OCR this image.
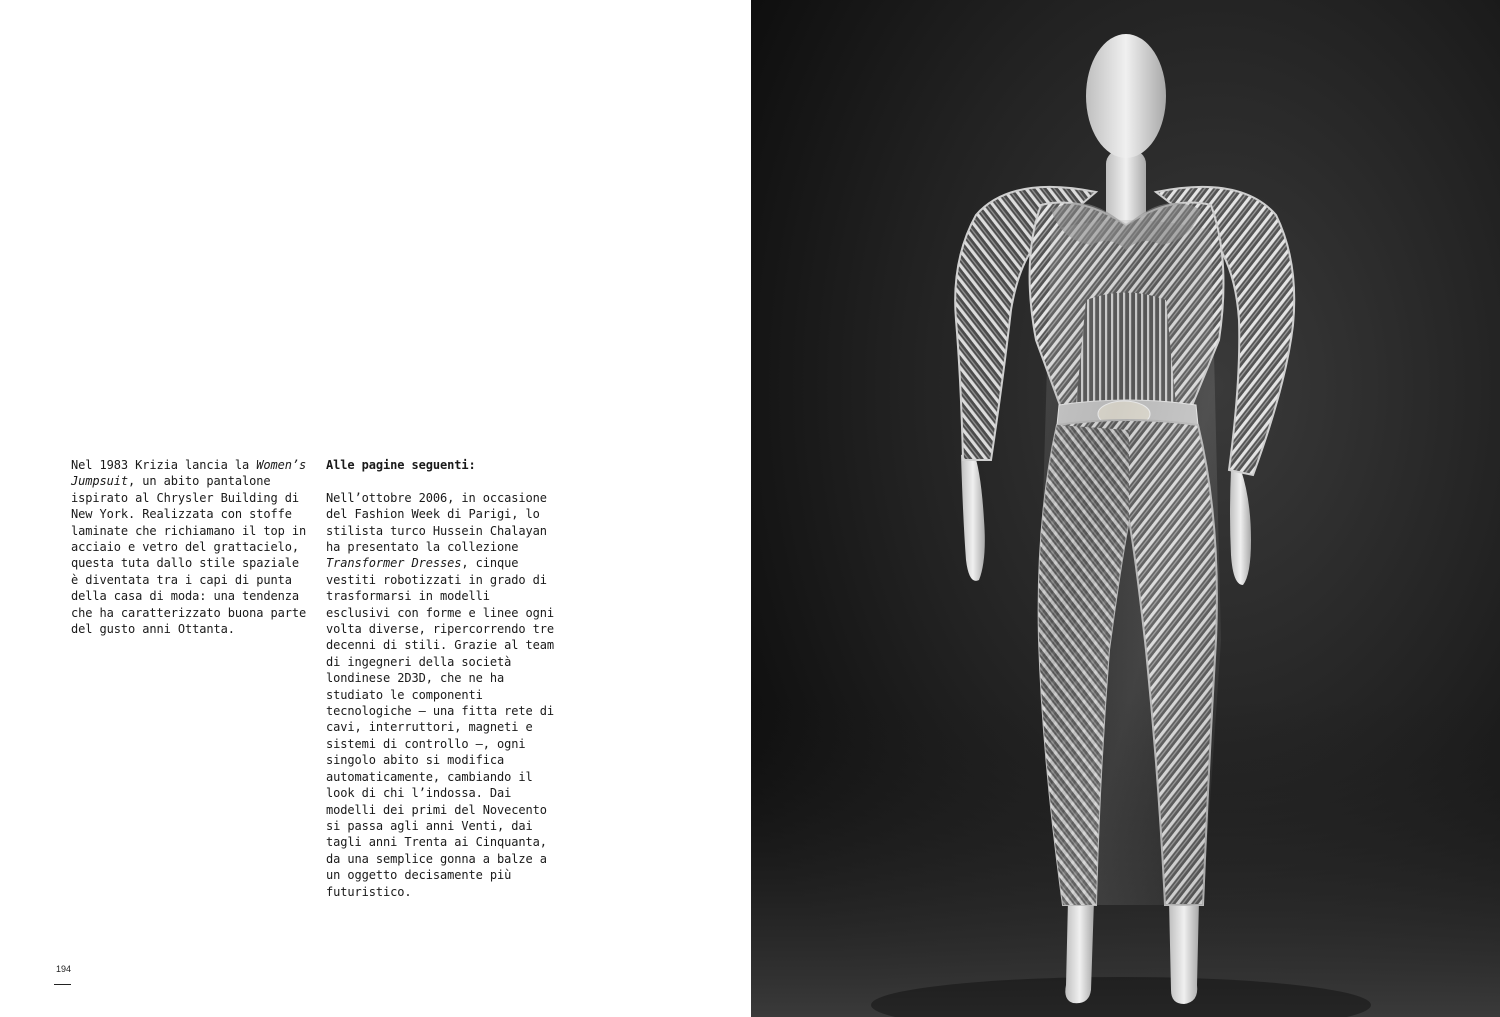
Nel 1983 Krizia lancia la Women’s Jumpsuit, un abito pantalone ispirato al Chrysler Building di New York. Realizzata con stoffe laminate che richiamano il top in acciaio e vetro del grattacielo, questa tuta dallo stile spaziale è diventata tra i capi di punta della casa di moda: una tendenza che ha caratterizzato buona parte del gusto anni Ottanta.
Alle pagine seguenti:
Nell’ottobre 2006, in occasione del Fashion Week di Parigi, lo stilista turco Hussein Chalayan ha presentato la collezione Transformer Dresses, cinque vestiti robotizzati in grado di trasformarsi in modelli esclusivi con forme e linee ogni volta diverse, ripercorrendo tre decenni di stili. Grazie al team di ingegneri della società londinese 2D3D, che ne ha studiato le componenti tecnologiche – una fitta rete di cavi, interruttori, magneti e sistemi di controllo –, ogni singolo abito si modifica automaticamente, cambiando il look di chi l’indossa. Dai modelli dei primi del Novecento si passa agli anni Venti, dai tagli anni Trenta ai Cinquanta, da una semplice gonna a balze a un oggetto decisamente più futuristico.
194
